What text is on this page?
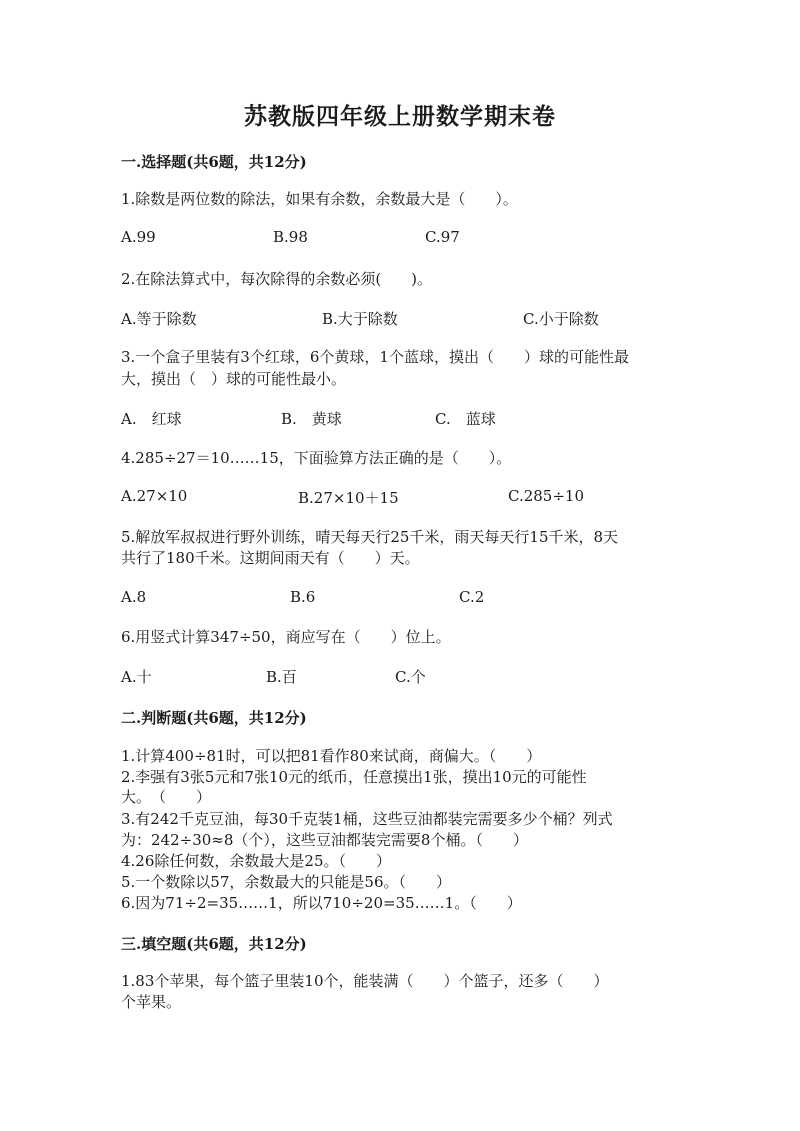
苏教版四年级上册数学期末卷
一.选择题(共6题，共12分)
1.除数是两位数的除法，如果有余数，余数最大是（　　）。
A.99	B.98	C.97
2.在除法算式中，每次除得的余数必须(　　)。
A.等于除数	B.大于除数	C.小于除数
3.一个盒子里装有3个红球，6个黄球，1个蓝球，摸出（　　）球的可能性最
大，摸出（　）球的可能性最小。
A.　红球	B.　黄球	C.　蓝球
4.285÷27＝10……15，下面验算方法正确的是（　　）。
A.27×10	B.27×10＋15	C.285÷10
5.解放军叔叔进行野外训练，晴天每天行25千米，雨天每天行15千米，8天
共行了180千米。这期间雨天有（　　）天。
A.8	B.6	C.2
6.用竖式计算347÷50，商应写在（　　）位上。
A.十	B.百	C.个
二.判断题(共6题，共12分)
1.计算400÷81时，可以把81看作80来试商，商偏大。（　　）
2.李强有3张5元和7张10元的纸币，任意摸出1张，摸出10元的可能性
大。　（　　）
3.有242千克豆油，每30千克装1桶，这些豆油都装完需要多少个桶？列式
为：242÷30≈8（个），这些豆油都装完需要8个桶。（　　）
4.26除任何数，余数最大是25。（　　）
5.一个数除以57，余数最大的只能是56。（　　）
6.因为71÷2=35……1，所以710÷20=35……1。（　　）
三.填空题(共6题，共12分)
1.83个苹果，每个篮子里装10个，能装满（　　）个篮子，还多（　　）
个苹果。
